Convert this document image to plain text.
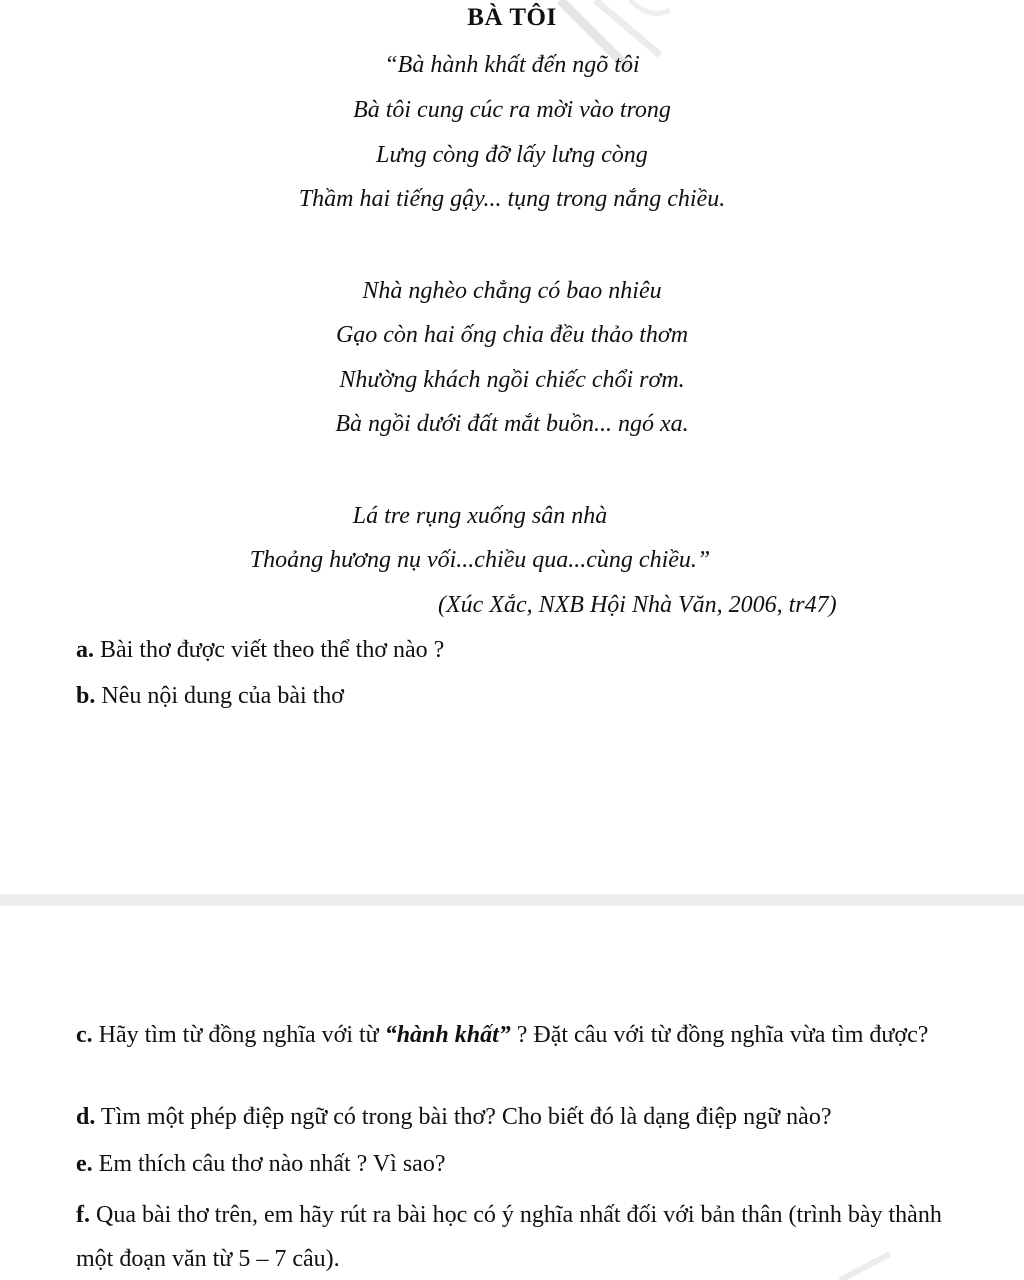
BÀ TÔI
“Bà hành khất đến ngõ tôi
Bà tôi cung cúc ra mời vào trong
Lưng còng đỡ lấy lưng còng
Thầm hai tiếng gậy... tụng trong nắng chiều.
Nhà nghèo chẳng có bao nhiêu
Gạo còn hai ống chia đều thảo thơm
Nhường khách ngồi chiếc chổi rơm.
Bà ngồi dưới đất mắt buồn... ngó xa.
Lá tre rụng xuống sân nhà
Thoảng hương nụ vối...chiều qua...cùng chiều.”
(Xúc Xắc, NXB Hội Nhà Văn, 2006, tr47)
a. Bài thơ được viết theo thể thơ nào ?
b. Nêu nội dung của bài thơ
c. Hãy tìm từ đồng nghĩa với từ “hành khất” ? Đặt câu với từ đồng nghĩa vừa tìm được?
d. Tìm một phép điệp ngữ có trong bài thơ? Cho biết đó là dạng điệp ngữ nào?
e. Em thích câu thơ nào nhất ? Vì sao?
f. Qua bài thơ trên, em hãy rút ra bài học có ý nghĩa nhất đối với bản thân (trình bày thành một đoạn văn từ 5 – 7 câu).
